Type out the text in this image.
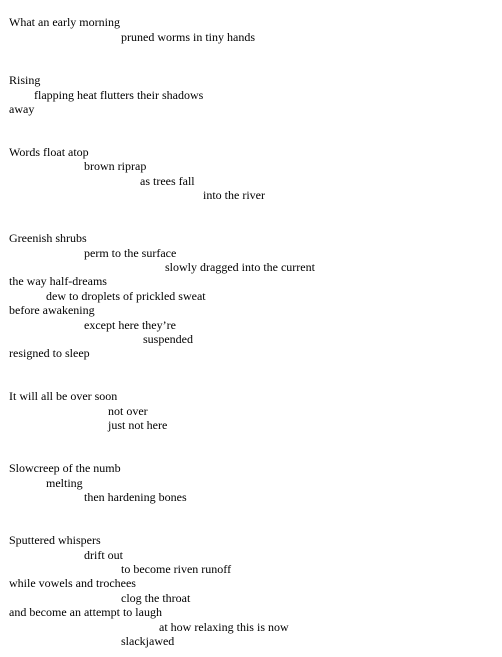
What an early morning
pruned worms in tiny hands
Rising
flapping heat flutters their shadows
away
Words float atop
brown riprap
as trees fall
into the river
Greenish shrubs
perm to the surface
slowly dragged into the current
the way half-dreams
dew to droplets of prickled sweat
before awakening
except here they’re
suspended
resigned to sleep
It will all be over soon
not over
just not here
Slowcreep of the numb
melting
then hardening bones
Sputtered whispers
drift out
to become riven runoff
while vowels and trochees
clog the throat
and become an attempt to laugh
at how relaxing this is now
slackjawed
